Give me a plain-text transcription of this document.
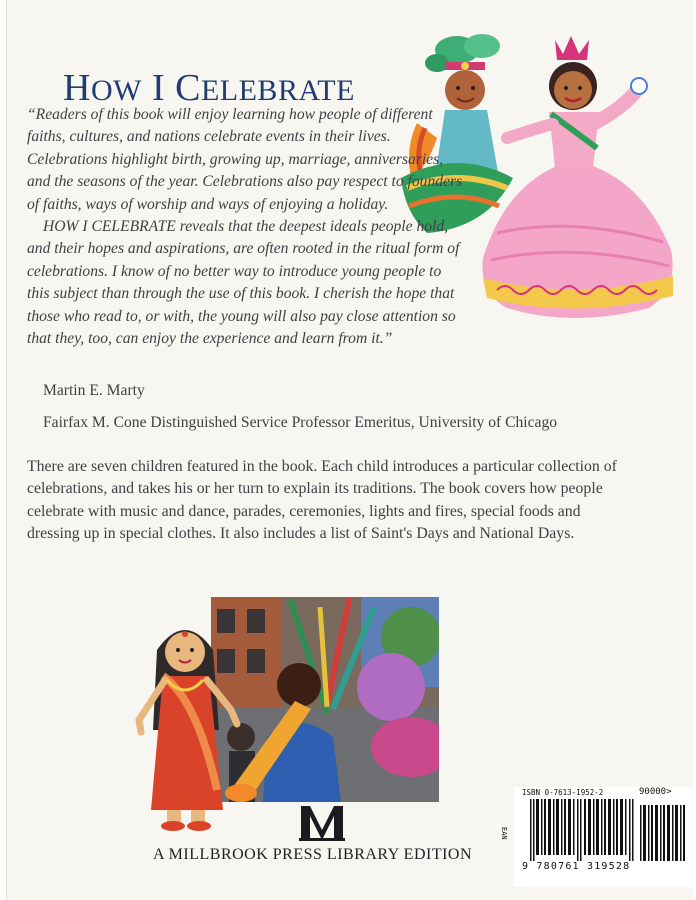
HOW I CELEBRATE

“Readers of this book will enjoy learning how people of different faiths, cultures, and nations celebrate events in their lives. Celebrations highlight birth, growing up, marriage, anniversaries, and the seasons of the year. Celebrations also pay respect to founders of faiths, ways of worship and ways of enjoying a holiday.

HOW I CELEBRATE reveals that the deepest ideals people hold, and their hopes and aspirations, are often rooted in the ritual form of celebrations. I know of no better way to introduce young people to this subject than through the use of this book. I cherish the hope that those who read to, or with, the young will also pay close attention so that they, too, can enjoy the experience and learn from it.”

Martin E. Marty
Fairfax M. Cone Distinguished Service Professor Emeritus, University of Chicago

There are seven children featured in the book. Each child introduces a particular collection of celebrations, and takes his or her turn to explain its traditions. The book covers how people celebrate with music and dance, parades, ceremonies, lights and fires, special foods and dressing up in special clothes. It also includes a list of Saint's Days and National Days.

A MILLBROOK PRESS LIBRARY EDITION
ISBN 0-7613-1952-2	90000>
EAN
9 780761 319528
